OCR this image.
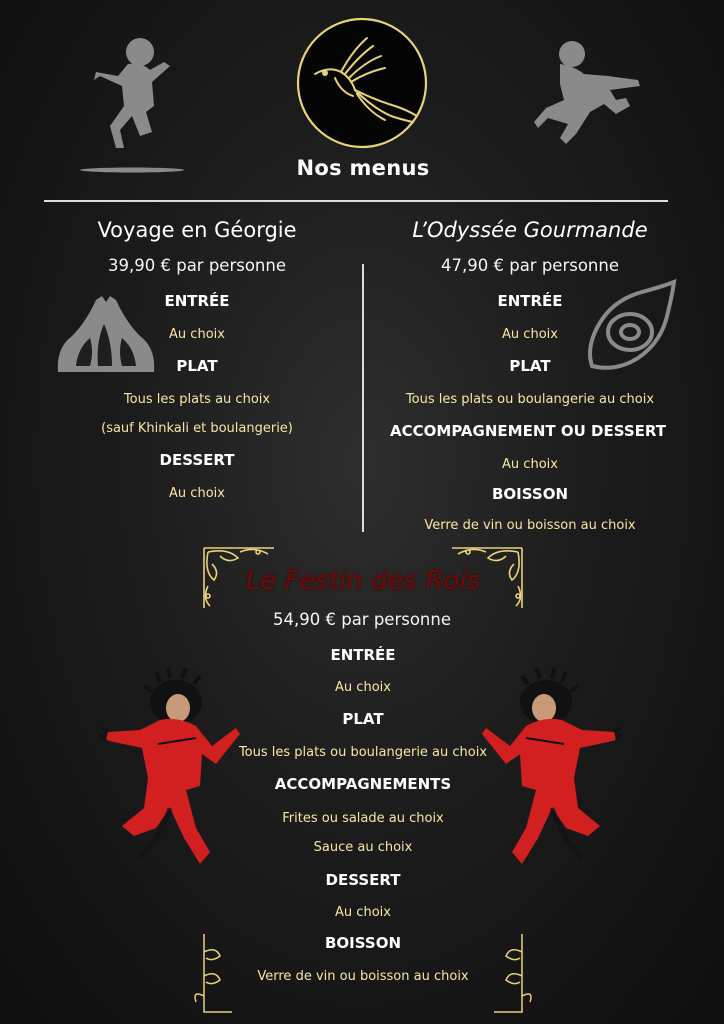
Nos menus
Voyage en Géorgie
39,90 € par personne
ENTRÉE
Au choix
PLAT
Tous les plats au choix
(sauf Khinkali et boulangerie)
DESSERT
Au choix
L’Odyssée Gourmande
47,90 € par personne
ENTRÉE
Au choix
PLAT
Tous les plats ou boulangerie au choix
ACCOMPAGNEMENT OU DESSERT
Au choix
BOISSON
Verre de vin ou boisson au choix
Le Festin des Rois
54,90 € par personne
ENTRÉE
Au choix
PLAT
Tous les plats ou boulangerie au choix
ACCOMPAGNEMENTS
Frites ou salade au choix
Sauce au choix
DESSERT
Au choix
BOISSON
Verre de vin ou boisson au choix
